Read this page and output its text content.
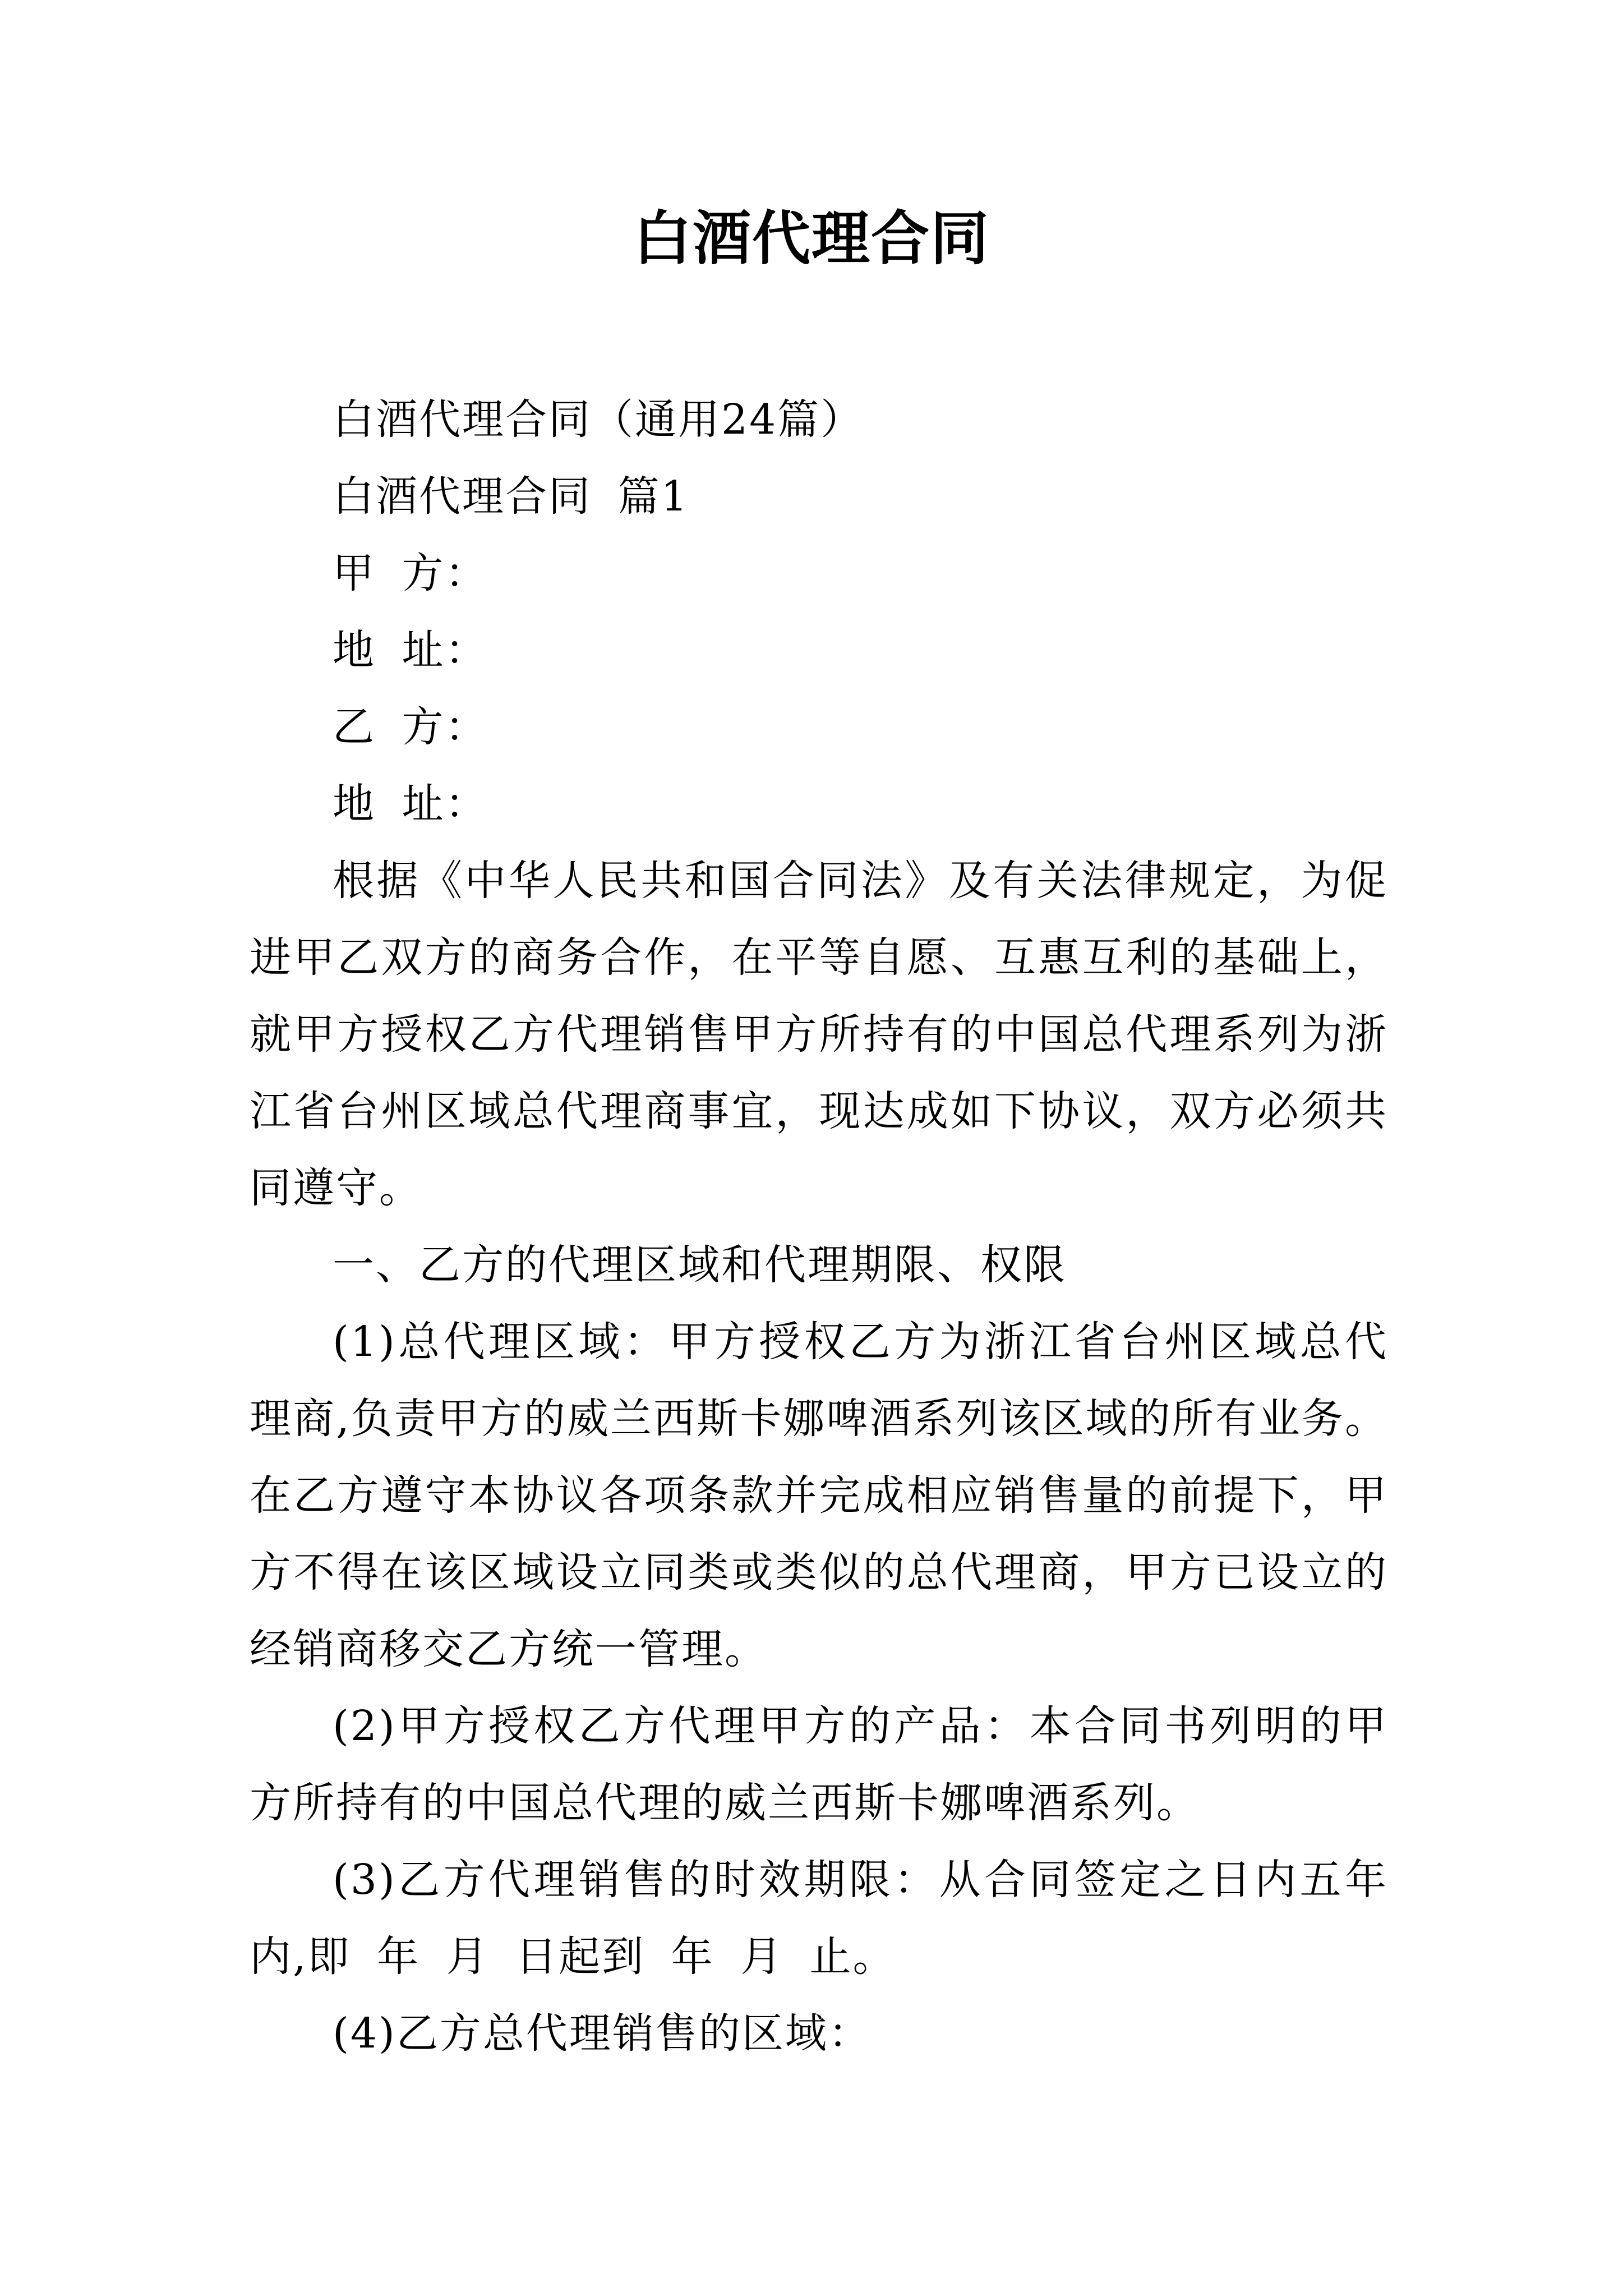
白酒代理合同

白酒代理合同（通用24篇）

白酒代理合同 篇1

甲 方：

地 址：

乙 方：

地 址：

根据《中华人民共和国合同法》及有关法律规定，为促进甲乙双方的商务合作，在平等自愿、互惠互利的基础上，就甲方授权乙方代理销售甲方所持有的中国总代理系列为浙江省台州区域总代理商事宜，现达成如下协议，双方必须共同遵守。

一、乙方的代理区域和代理期限、权限

(1)总代理区域：甲方授权乙方为浙江省台州区域总代理商,负责甲方的威兰西斯卡娜啤酒系列该区域的所有业务。在乙方遵守本协议各项条款并完成相应销售量的前提下，甲方不得在该区域设立同类或类似的总代理商，甲方已设立的经销商移交乙方统一管理。

(2)甲方授权乙方代理甲方的产品：本合同书列明的甲方所持有的中国总代理的威兰西斯卡娜啤酒系列。

(3)乙方代理销售的时效期限：从合同签定之日内五年内,即 年 月 日起到 年 月 止。

(4)乙方总代理销售的区域：
